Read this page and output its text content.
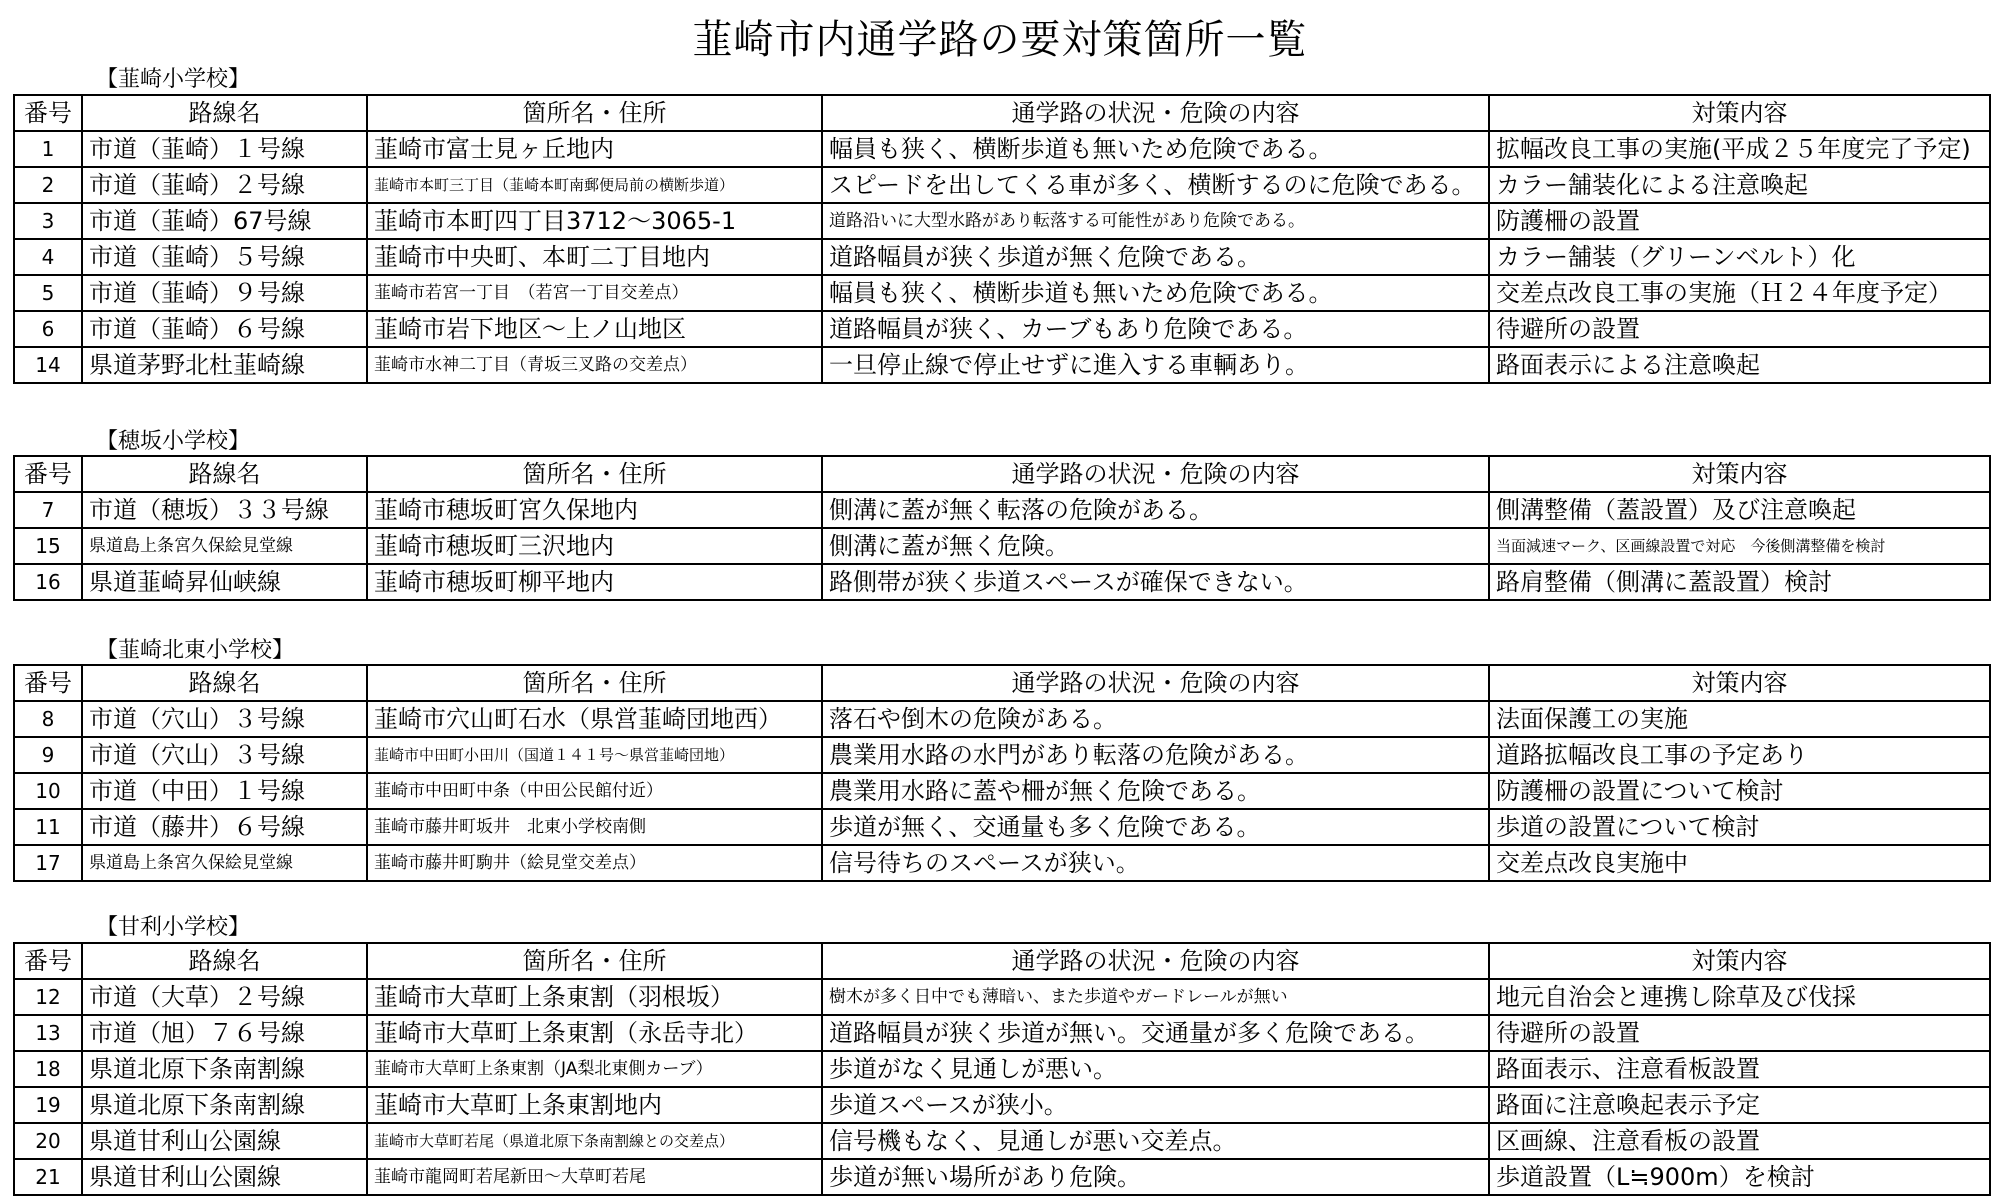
韮崎市内通学路の要対策箇所一覧
【韮崎小学校】
番号	路線名	箇所名・住所	通学路の状況・危険の内容	対策内容
1	市道（韮崎）１号線	韮崎市富士見ヶ丘地内	幅員も狭く、横断歩道も無いため危険である。	拡幅改良工事の実施(平成２５年度完了予定)
2	市道（韮崎）２号線	韮崎市本町三丁目（韮崎本町南郵便局前の横断歩道）	スピードを出してくる車が多く、横断するのに危険である。	カラー舗装化による注意喚起
3	市道（韮崎）67号線	韮崎市本町四丁目3712～3065-1	道路沿いに大型水路があり転落する可能性があり危険である。	防護柵の設置
4	市道（韮崎）５号線	韮崎市中央町、本町二丁目地内	道路幅員が狭く歩道が無く危険である。	カラー舗装（グリーンベルト）化
5	市道（韮崎）９号線	韮崎市若宮一丁目　（若宮一丁目交差点）	幅員も狭く、横断歩道も無いため危険である。	交差点改良工事の実施（Ｈ２４年度予定）
6	市道（韮崎）６号線	韮崎市岩下地区～上ノ山地区	道路幅員が狭く、カーブもあり危険である。	待避所の設置
14	県道茅野北杜韮崎線	韮崎市水神二丁目（青坂三叉路の交差点）	一旦停止線で停止せずに進入する車輌あり。	路面表示による注意喚起
【穂坂小学校】
番号	路線名	箇所名・住所	通学路の状況・危険の内容	対策内容
7	市道（穂坂）３３号線	韮崎市穂坂町宮久保地内	側溝に蓋が無く転落の危険がある。	側溝整備（蓋設置）及び注意喚起
15	県道島上条宮久保絵見堂線	韮崎市穂坂町三沢地内	側溝に蓋が無く危険。	当面減速マーク、区画線設置で対応　今後側溝整備を検討
16	県道韮崎昇仙峡線	韮崎市穂坂町柳平地内	路側帯が狭く歩道スペースが確保できない。	路肩整備（側溝に蓋設置）検討
【韮崎北東小学校】
番号	路線名	箇所名・住所	通学路の状況・危険の内容	対策内容
8	市道（穴山）３号線	韮崎市穴山町石水（県営韮崎団地西）	落石や倒木の危険がある。	法面保護工の実施
9	市道（穴山）３号線	韮崎市中田町小田川（国道１４１号～県営韮崎団地）	農業用水路の水門があり転落の危険がある。	道路拡幅改良工事の予定あり
10	市道（中田）１号線	韮崎市中田町中条（中田公民館付近）	農業用水路に蓋や柵が無く危険である。	防護柵の設置について検討
11	市道（藤井）６号線	韮崎市藤井町坂井　北東小学校南側	歩道が無く、交通量も多く危険である。	歩道の設置について検討
17	県道島上条宮久保絵見堂線	韮崎市藤井町駒井（絵見堂交差点）	信号待ちのスペースが狭い。	交差点改良実施中
【甘利小学校】
番号	路線名	箇所名・住所	通学路の状況・危険の内容	対策内容
12	市道（大草）２号線	韮崎市大草町上条東割（羽根坂）	樹木が多く日中でも薄暗い、また歩道やガードレールが無い	地元自治会と連携し除草及び伐採
13	市道（旭）７６号線	韮崎市大草町上条東割（永岳寺北）	道路幅員が狭く歩道が無い。交通量が多く危険である。	待避所の設置
18	県道北原下条南割線	韮崎市大草町上条東割（JA梨北東側カーブ）	歩道がなく見通しが悪い。	路面表示、注意看板設置
19	県道北原下条南割線	韮崎市大草町上条東割地内	歩道スペースが狭小。	路面に注意喚起表示予定
20	県道甘利山公園線	韮崎市大草町若尾（県道北原下条南割線との交差点）	信号機もなく、見通しが悪い交差点。	区画線、注意看板の設置
21	県道甘利山公園線	韮崎市龍岡町若尾新田～大草町若尾	歩道が無い場所があり危険。	歩道設置（L≒900m）を検討
